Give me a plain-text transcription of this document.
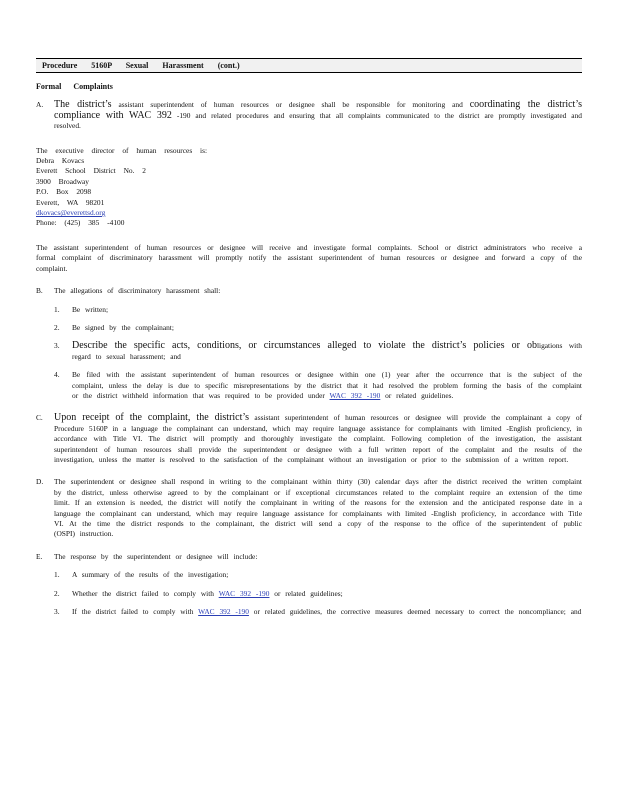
Procedure 5160P Sexual Harassment (cont.)
Formal Complaints
A.	The district’s assistant superintendent of human resources or designee shall be responsible for monitoring and coordinating the district’s compliance with WAC 392 -190 and related procedures and ensuring that all complaints communicated to the district are promptly investigated and resolved.
The executive director of human resources is:
Debra Kovacs
Everett School District No. 2
3900 Broadway
P.O. Box 2098
Everett, WA 98201
dkovacs@everettsd.org
Phone: (425) 385 -4100
The assistant superintendent of human resources or designee will receive and investigate formal complaints. School or district administrators who receive a formal complaint of discriminatory harassment will promptly notify the assistant superintendent of human resources or designee and forward a copy of the complaint.
B.	The allegations of discriminatory harassment shall:
1.	Be written;
2.	Be signed by the complainant;
3.	Describe the specific acts, conditions, or circumstances alleged to violate the district’s policies or obligations with regard to sexual harassment; and
4.	Be filed with the assistant superintendent of human resources or designee within one (1) year after the occurrence that is the subject of the complaint, unless the delay is due to specific misrepresentations by the district that it had resolved the problem forming the basis of the complaint or the district withheld information that was required to be provided under WAC 392 -190 or related guidelines.
C.	Upon receipt of the complaint, the district’s assistant superintendent of human resources or designee will provide the complainant a copy of Procedure 5160P in a language the complainant can understand, which may require language assistance for complainants with limited -English proficiency, in accordance with Title VI. The district will promptly and thoroughly investigate the complaint. Following completion of the investigation, the assistant superintendent of human resources shall provide the superintendent or designee with a full written report of the complaint and the results of the investigation, unless the matter is resolved to the satisfaction of the complainant without an investigation or prior to the submission of a written report.
D.	The superintendent or designee shall respond in writing to the complainant within thirty (30) calendar days after the district received the written complaint by the district, unless otherwise agreed to by the complainant or if exceptional circumstances related to the complaint require an extension of the time limit. If an extension is needed, the district will notify the complainant in writing of the reasons for the extension and the anticipated response date in a language the complainant can understand, which may require language assistance for complainants with limited -English proficiency, in accordance with Title VI. At the time the district responds to the complainant, the district will send a copy of the response to the office of the superintendent of public (OSPI) instruction.
E.	The response by the superintendent or designee will include:
1.	A summary of the results of the investigation;
2.	Whether the district failed to comply with WAC 392 -190 or related guidelines;
3.	If the district failed to comply with WAC 392 -190 or related guidelines, the corrective measures deemed necessary to correct the noncompliance; and
